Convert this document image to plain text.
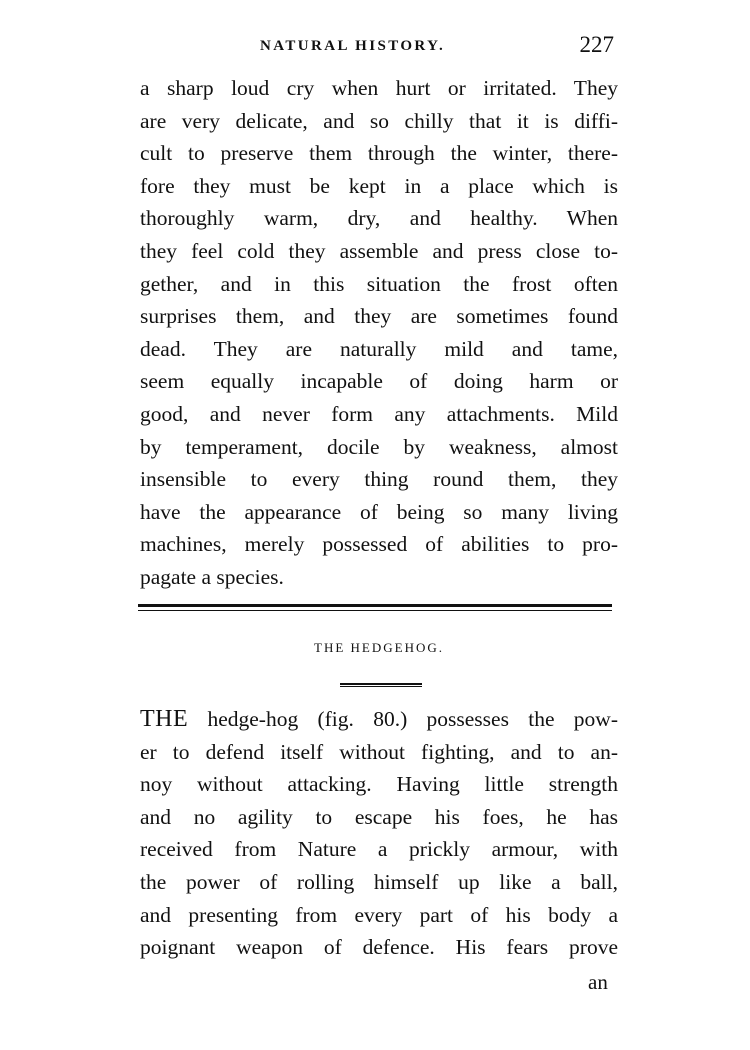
NATURAL HISTORY.	227
a sharp loud cry when hurt or irritated. They
are very delicate, and so chilly that it is diffi-
cult to preserve them through the winter, there-
fore they must be kept in a place which is
thoroughly warm, dry, and healthy. When
they feel cold they assemble and press close to-
gether, and in this situation the frost often
surprises them, and they are sometimes found
dead. They are naturally mild and tame,
seem equally incapable of doing harm or
good, and never form any attachments. Mild
by temperament, docile by weakness, almost
insensible to every thing round them, they
have the appearance of being so many living
machines, merely possessed of abilities to pro-
pagate a species.
THE HEDGEHOG.
THE hedge-hog (fig. 80.) possesses the pow-
er to defend itself without fighting, and to an-
noy without attacking. Having little strength
and no agility to escape his foes, he has
received from Nature a prickly armour, with
the power of rolling himself up like a ball,
and presenting from every part of his body a
poignant weapon of defence. His fears prove
an
